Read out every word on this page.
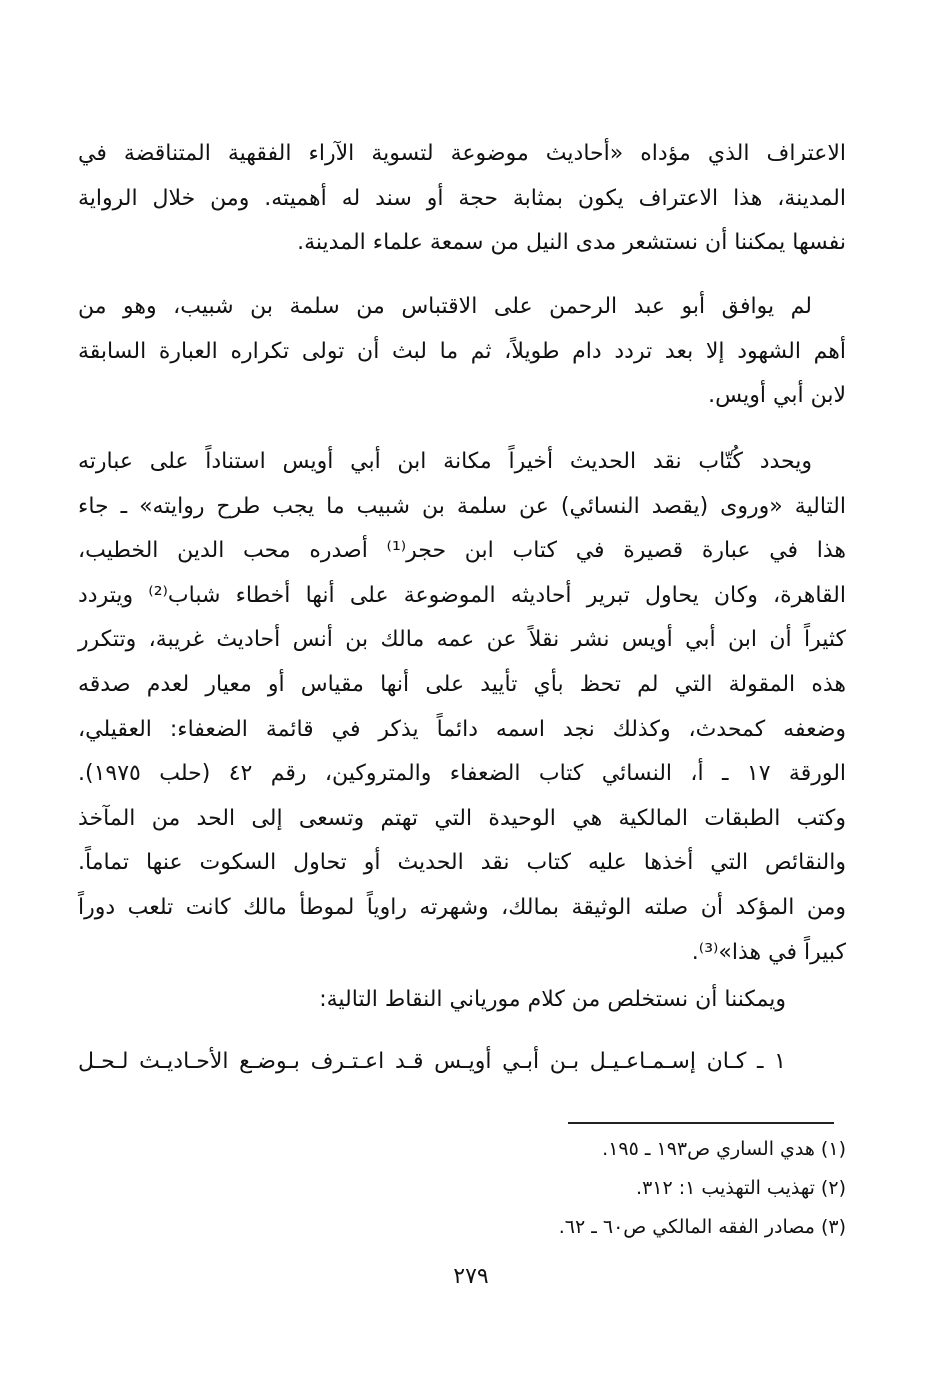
الاعتراف الذي مؤداه «أحاديث موضوعة لتسوية الآراء الفقهية المتناقضة في
المدينة، هذا الاعتراف يكون بمثابة حجة أو سند له أهميته. ومن خلال الرواية
نفسها يمكننا أن نستشعر مدى النيل من سمعة علماء المدينة.

لم يوافق أبو عبد الرحمن على الاقتباس من سلمة بن شبيب، وهو من
أهم الشهود إلا بعد تردد دام طويلاً، ثم ما لبث أن تولى تكراره العبارة السابقة
لابن أبي أويس.

ويحدد كُتّاب نقد الحديث أخيراً مكانة ابن أبي أويس استناداً على عبارته
التالية «وروى (يقصد النسائي) عن سلمة بن شبيب ما يجب طرح روايته» ـ جاء
هذا في عبارة قصيرة في كتاب ابن حجر⁽¹⁾ أصدره محب الدين الخطيب،
القاهرة، وكان يحاول تبرير أحاديثه الموضوعة على أنها أخطاء شباب⁽²⁾ ويتردد
كثيراً أن ابن أبي أويس نشر نقلاً عن عمه مالك بن أنس أحاديث غريبة، وتتكرر
هذه المقولة التي لم تحظ بأي تأييد على أنها مقياس أو معيار لعدم صدقه
وضعفه كمحدث، وكذلك نجد اسمه دائماً يذكر في قائمة الضعفاء: العقيلي،
الورقة ١٧ ـ أ، النسائي كتاب الضعفاء والمتروكين، رقم ٤٢ (حلب ١٩٧٥).
وكتب الطبقات المالكية هي الوحيدة التي تهتم وتسعى إلى الحد من المآخذ
والنقائص التي أخذها عليه كتاب نقد الحديث أو تحاول السكوت عنها تماماً.
ومن المؤكد أن صلته الوثيقة بمالك، وشهرته راوياً لموطأ مالك كانت تلعب دوراً
كبيراً في هذا»⁽³⁾.

ويمكننا أن نستخلص من كلام موریاني النقاط التالية:

١ ـ كـان إسـمـاعـيـل بـن أبـي أويـس قـد اعـتـرف بـوضـع الأحـاديـث لـحـل

(١) هدي الساري ص١٩٣ ـ ١٩٥.
(٢) تهذيب التهذيب ١: ٣١٢.
(٣) مصادر الفقه المالكي ص٦٠ ـ ٦٢.
٢٧٩
